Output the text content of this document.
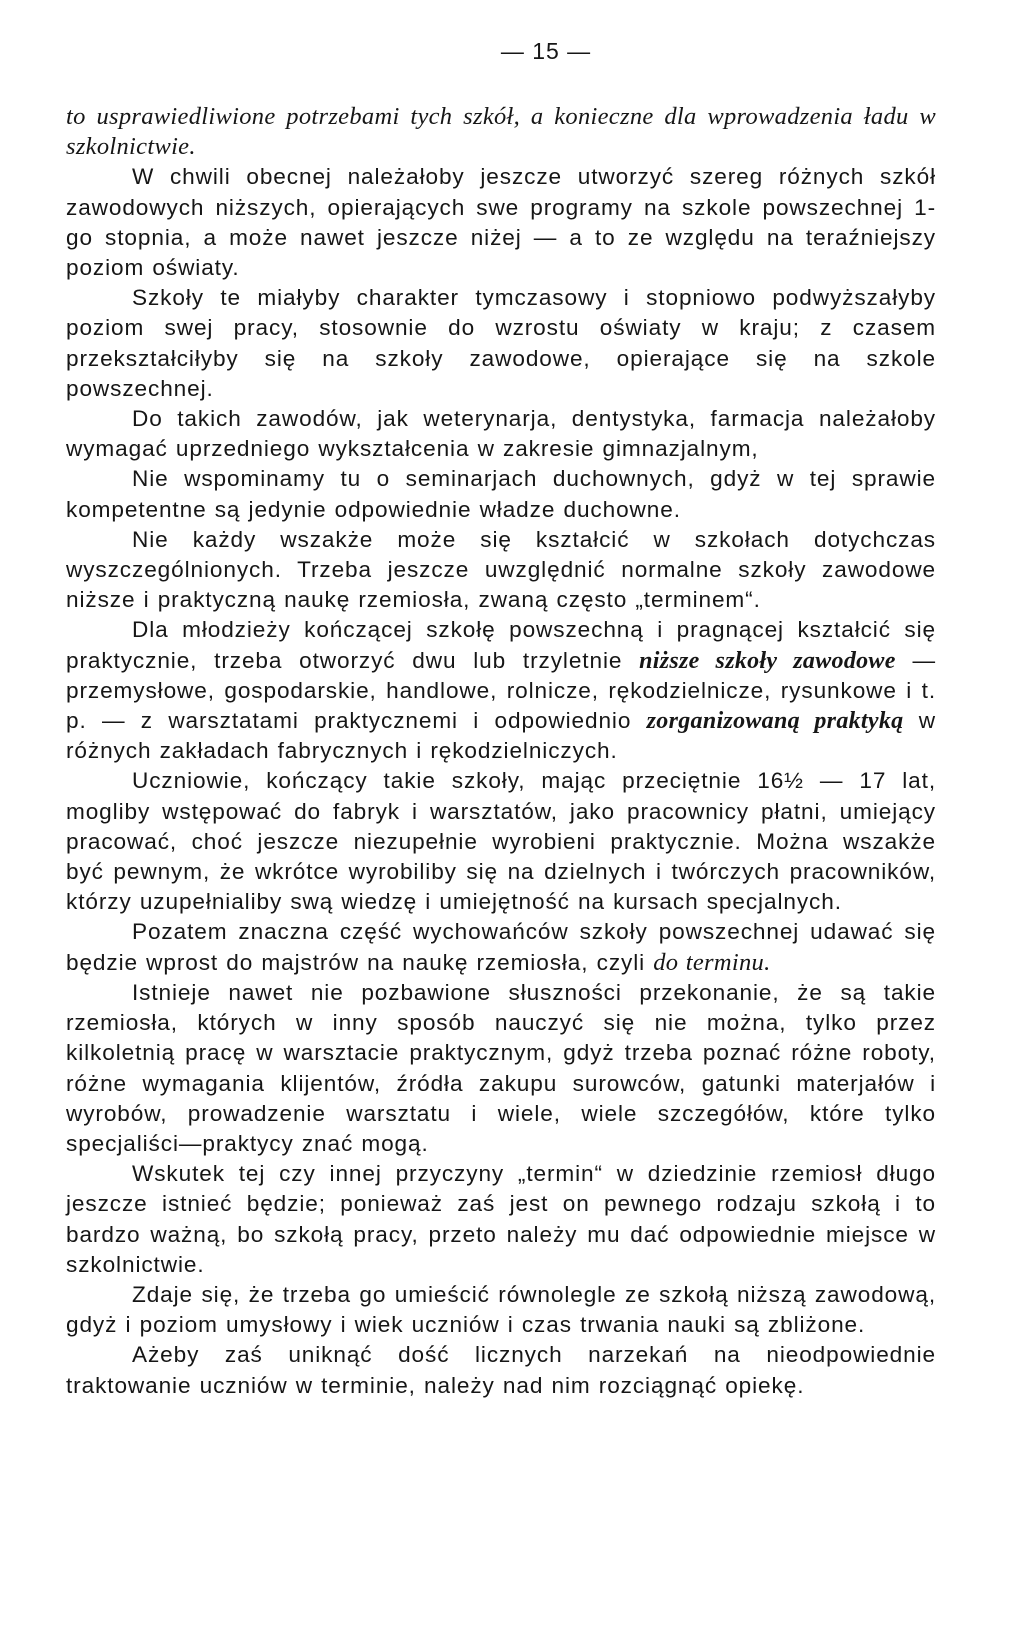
— 15 —

to usprawiedliwione potrzebami tych szkół, a konieczne dla wprowadzenia ładu w szkolnictwie.

W chwili obecnej należałoby jeszcze utworzyć szereg różnych szkół zawodowych niższych, opierających swe programy na szkole powszechnej 1-go stopnia, a może nawet jeszcze niżej — a to ze względu na teraźniejszy poziom oświaty.

Szkoły te miałyby charakter tymczasowy i stopniowo podwyższałyby poziom swej pracy, stosownie do wzrostu oświaty w kraju; z czasem przekształciłyby się na szkoły zawodowe, opierające się na szkole powszechnej.

Do takich zawodów, jak weterynarja, dentystyka, farmacja należałoby wymagać uprzedniego wykształcenia w zakresie gimnazjalnym,

Nie wspominamy tu o seminarjach duchownych, gdyż w tej sprawie kompetentne są jedynie odpowiednie władze duchowne.

Nie każdy wszakże może się kształcić w szkołach dotychczas wyszczególnionych. Trzeba jeszcze uwzględnić normalne szkoły zawodowe niższe i praktyczną naukę rzemiosła, zwaną często „terminem“.

Dla młodzieży kończącej szkołę powszechną i pragnącej kształcić się praktycznie, trzeba otworzyć dwu lub trzyletnie niższe szkoły zawodowe — przemysłowe, gospodarskie, handlowe, rolnicze, rękodzielnicze, rysunkowe i t. p. — z warsztatami praktycznemi i odpowiednio zorganizowaną praktyką w różnych zakładach fabrycznych i rękodzielniczych.

Uczniowie, kończący takie szkoły, mając przeciętnie 16½ — 17 lat, mogliby wstępować do fabryk i warsztatów, jako pracownicy płatni, umiejący pracować, choć jeszcze niezupełnie wyrobieni praktycznie. Można wszakże być pewnym, że wkrótce wyrobiliby się na dzielnych i twórczych pracowników, którzy uzupełnialiby swą wiedzę i umiejętność na kursach specjalnych.

Pozatem znaczna część wychowańców szkoły powszechnej udawać się będzie wprost do majstrów na naukę rzemiosła, czyli do terminu.

Istnieje nawet nie pozbawione słuszności przekonanie, że są takie rzemiosła, których w inny sposób nauczyć się nie można, tylko przez kilkoletnią pracę w warsztacie praktycznym, gdyż trzeba poznać różne roboty, różne wymagania klijentów, źródła zakupu surowców, gatunki materjałów i wyrobów, prowadzenie warsztatu i wiele, wiele szczegółów, które tylko specjaliści—praktycy znać mogą.

Wskutek tej czy innej przyczyny „termin“ w dziedzinie rzemiosł długo jeszcze istnieć będzie; ponieważ zaś jest on pewnego rodzaju szkołą i to bardzo ważną, bo szkołą pracy, przeto należy mu dać odpowiednie miejsce w szkolnictwie.

Zdaje się, że trzeba go umieścić równolegle ze szkołą niższą zawodową, gdyż i poziom umysłowy i wiek uczniów i czas trwania nauki są zbliżone.

Ażeby zaś uniknąć dość licznych narzekań na nieodpowiednie traktowanie uczniów w terminie, należy nad nim rozciągnąć opiekę.
